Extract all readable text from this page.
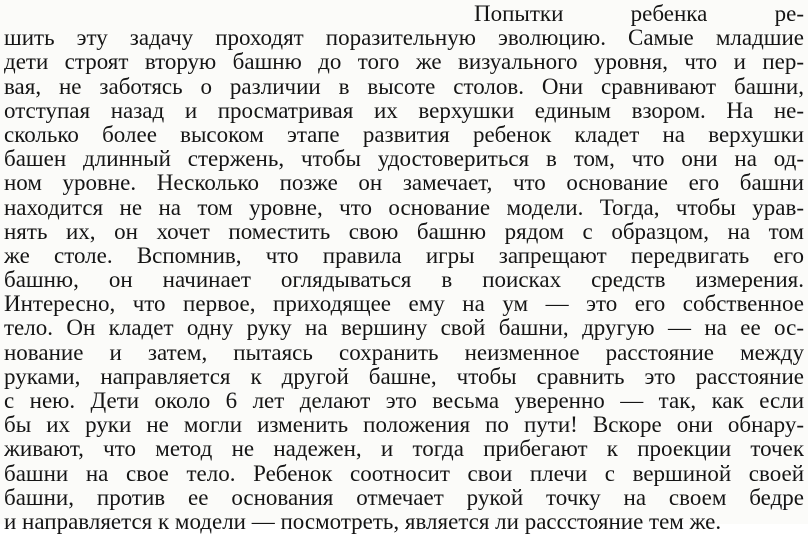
Попытки ребенка ре-
шить эту задачу проходят поразительную эволюцию. Самые младшие
дети строят вторую башню до того же визуального уровня, что и пер-
вая, не заботясь о различии в высоте столов. Они сравнивают башни,
отступая назад и просматривая их верхушки единым взором. На не-
сколько более высоком этапе развития ребенок кладет на верхушки
башен длинный стержень, чтобы удостовериться в том, что они на од-
ном уровне. Несколько позже он замечает, что основание его башни
находится не на том уровне, что основание модели. Тогда, чтобы урав-
нять их, он хочет поместить свою башню рядом с образцом, на том
же столе. Вспомнив, что правила игры запрещают передвигать его
башню, он начинает оглядываться в поисках средств измерения.
Интересно, что первое, приходящее ему на ум — это его собственное
тело. Он кладет одну руку на вершину свой башни, другую — на ее ос-
нование и затем, пытаясь сохранить неизменное расстояние между
руками, направляется к другой башне, чтобы сравнить это расстояние
с нею. Дети около 6 лет делают это весьма уверенно — так, как если
бы их руки не могли изменить положения по пути! Вскоре они обнару-
живают, что метод не надежен, и тогда прибегают к проекции точек
башни на свое тело. Ребенок соотносит свои плечи с вершиной своей
башни, против ее основания отмечает рукой точку на своем бедре
и направляется к модели — посмотреть, является ли рассстояние тем же.
